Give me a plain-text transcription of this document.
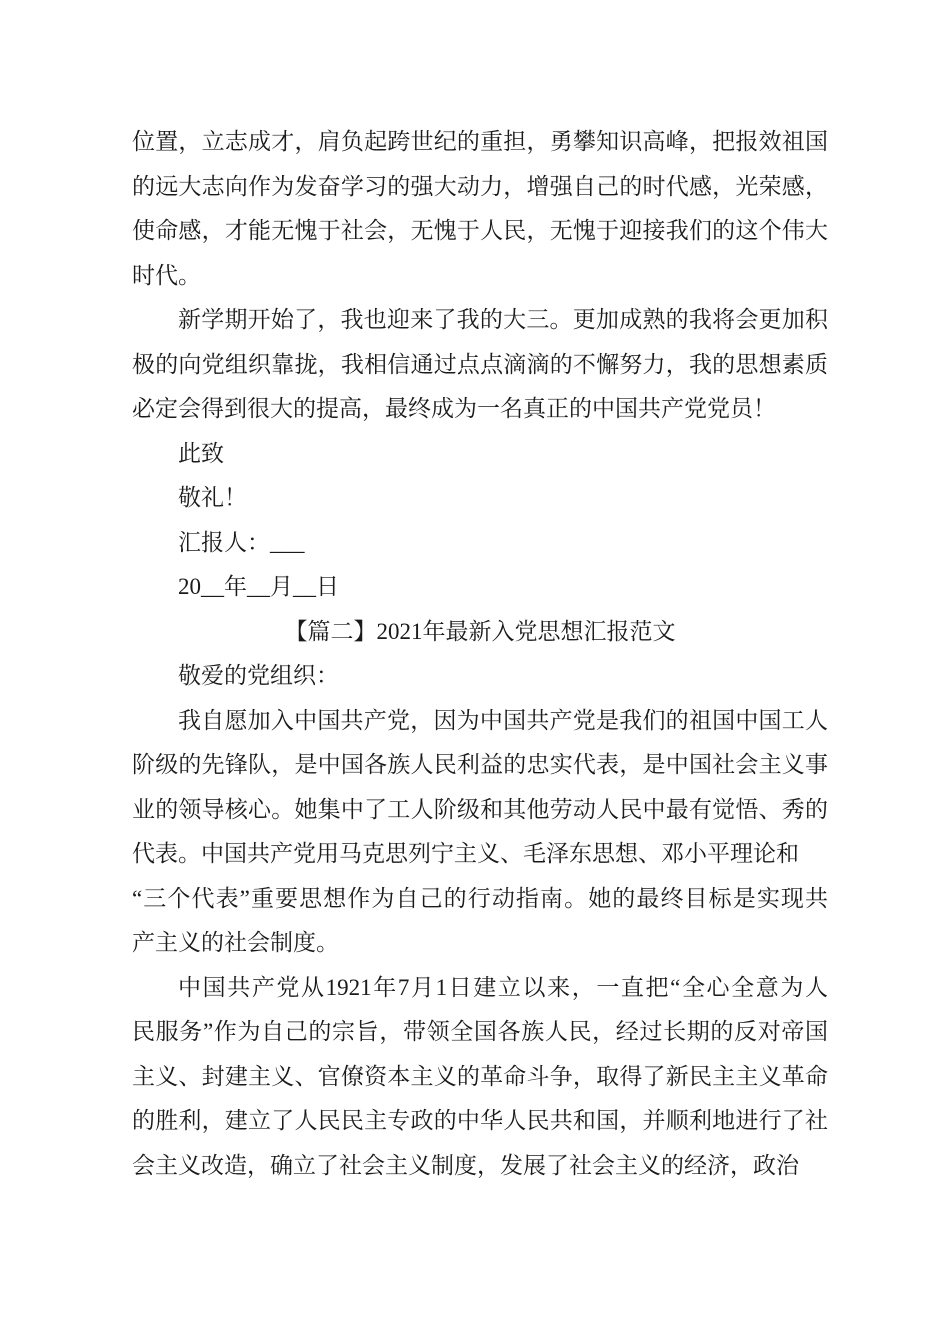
位置，立志成才，肩负起跨世纪的重担，勇攀知识高峰，把报效祖国
的远大志向作为发奋学习的强大动力，增强自己的时代感，光荣感，
使命感，才能无愧于社会，无愧于人民，无愧于迎接我们的这个伟大
时代。
新学期开始了，我也迎来了我的大三。更加成熟的我将会更加积
极的向党组织靠拢，我相信通过点点滴滴的不懈努力，我的思想素质
必定会得到很大的提高，最终成为一名真正的中国共产党党员！
此致
敬礼！
汇报人：___
20__年__月__日
【篇二】2021年最新入党思想汇报范文
敬爱的党组织：
我自愿加入中国共产党，因为中国共产党是我们的祖国中国工人
阶级的先锋队，是中国各族人民利益的忠实代表，是中国社会主义事
业的领导核心。她集中了工人阶级和其他劳动人民中最有觉悟、秀的
代表。中国共产党用马克思列宁主义、毛泽东思想、邓小平理论和
“三个代表”重要思想作为自己的行动指南。她的最终目标是实现共
产主义的社会制度。
中国共产党从1921年7月1日建立以来，一直把“全心全意为人
民服务”作为自己的宗旨，带领全国各族人民，经过长期的反对帝国
主义、封建主义、官僚资本主义的革命斗争，取得了新民主主义革命
的胜利，建立了人民民主专政的中华人民共和国，并顺利地进行了社
会主义改造，确立了社会主义制度，发展了社会主义的经济，政治
